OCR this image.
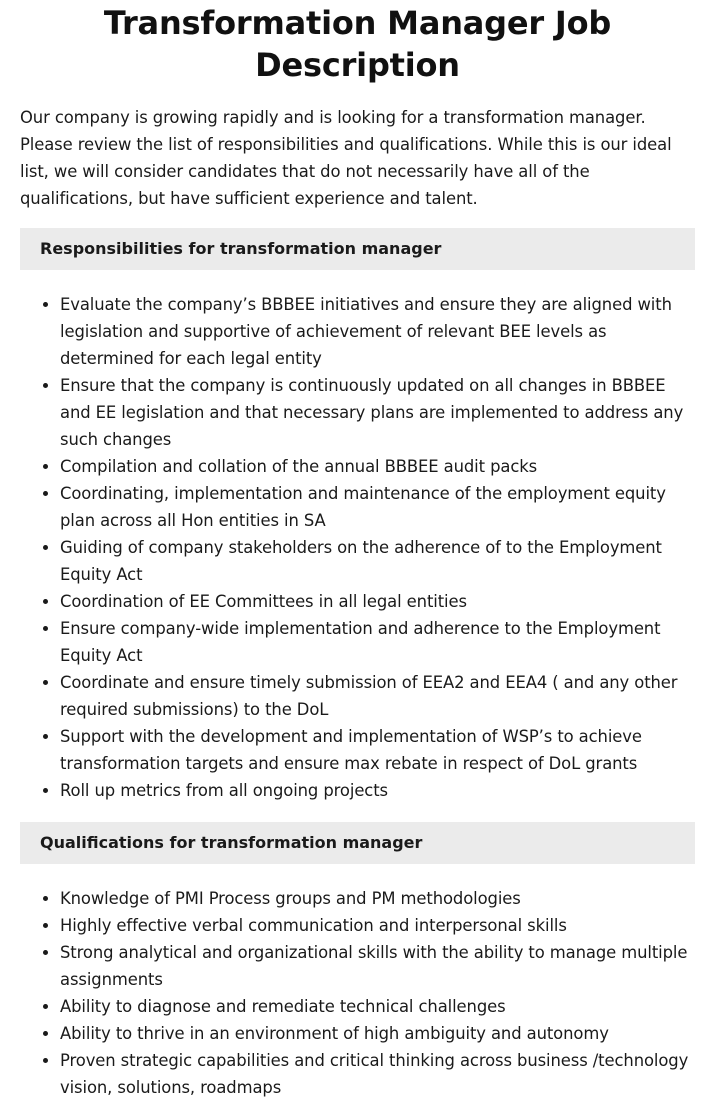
Transformation Manager Job Description

Our company is growing rapidly and is looking for a transformation manager. Please review the list of responsibilities and qualifications. While this is our ideal list, we will consider candidates that do not necessarily have all of the qualifications, but have sufficient experience and talent.

Responsibilities for transformation manager
• Evaluate the company’s BBBEE initiatives and ensure they are aligned with legislation and supportive of achievement of relevant BEE levels as determined for each legal entity
• Ensure that the company is continuously updated on all changes in BBBEE and EE legislation and that necessary plans are implemented to address any such changes
• Compilation and collation of the annual BBBEE audit packs
• Coordinating, implementation and maintenance of the employment equity plan across all Hon entities in SA
• Guiding of company stakeholders on the adherence of to the Employment Equity Act
• Coordination of EE Committees in all legal entities
• Ensure company-wide implementation and adherence to the Employment Equity Act
• Coordinate and ensure timely submission of EEA2 and EEA4 ( and any other required submissions) to the DoL
• Support with the development and implementation of WSP’s to achieve transformation targets and ensure max rebate in respect of DoL grants
• Roll up metrics from all ongoing projects
Qualifications for transformation manager
• Knowledge of PMI Process groups and PM methodologies
• Highly effective verbal communication and interpersonal skills
• Strong analytical and organizational skills with the ability to manage multiple assignments
• Ability to diagnose and remediate technical challenges
• Ability to thrive in an environment of high ambiguity and autonomy
• Proven strategic capabilities and critical thinking across business /technology vision, solutions, roadmaps
